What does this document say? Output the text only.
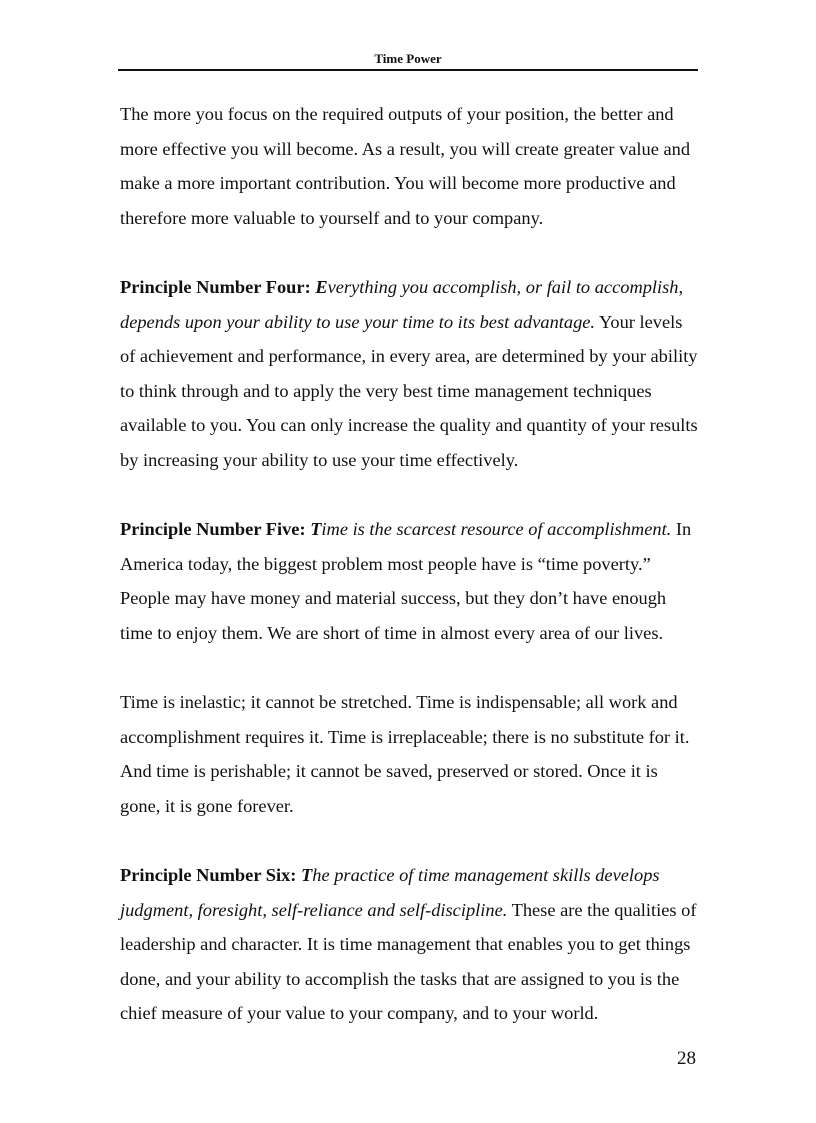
Time Power

The more you focus on the required outputs of your position, the better and more effective you will become. As a result, you will create greater value and make a more important contribution. You will become more productive and therefore more valuable to yourself and to your company.

Principle Number Four: Everything you accomplish, or fail to accomplish, depends upon your ability to use your time to its best advantage. Your levels of achievement and performance, in every area, are determined by your ability to think through and to apply the very best time management techniques available to you. You can only increase the quality and quantity of your results by increasing your ability to use your time effectively.

Principle Number Five: Time is the scarcest resource of accomplishment. In America today, the biggest problem most people have is “time poverty.” People may have money and material success, but they don’t have enough time to enjoy them. We are short of time in almost every area of our lives.

Time is inelastic; it cannot be stretched. Time is indispensable; all work and accomplishment requires it. Time is irreplaceable; there is no substitute for it. And time is perishable; it cannot be saved, preserved or stored. Once it is gone, it is gone forever.

Principle Number Six: The practice of time management skills develops judgment, foresight, self-reliance and self-discipline. These are the qualities of leadership and character. It is time management that enables you to get things done, and your ability to accomplish the tasks that are assigned to you is the chief measure of your value to your company, and to your world.

28
